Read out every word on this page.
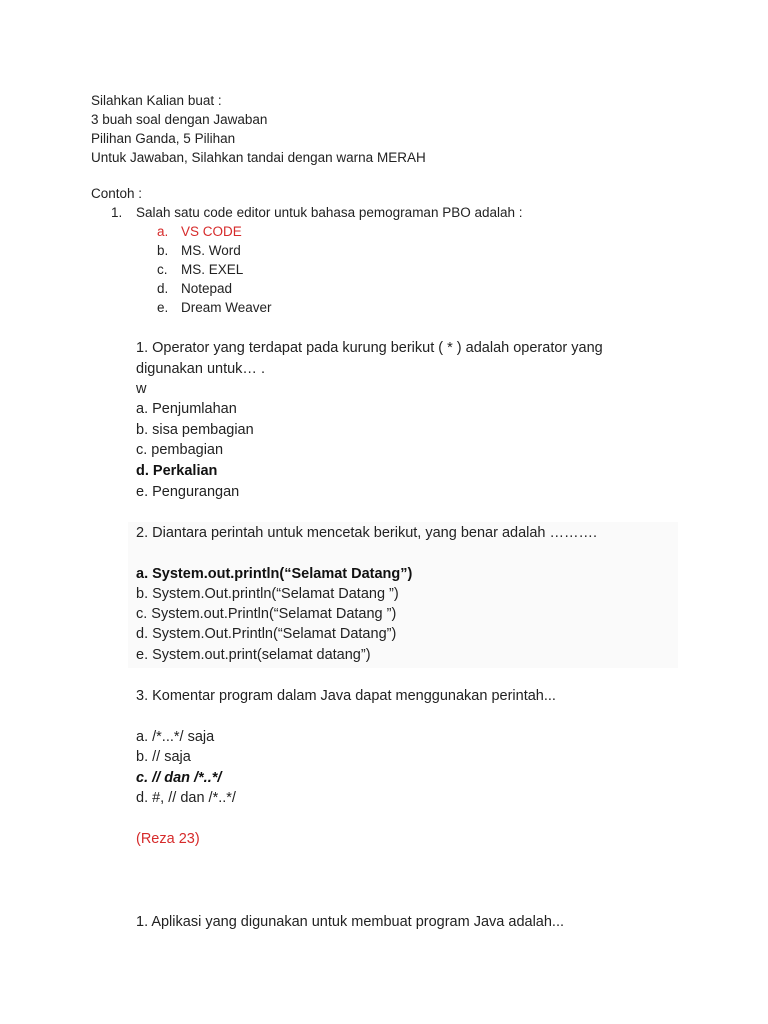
Silahkan Kalian buat :
3 buah soal dengan Jawaban
Pilihan Ganda, 5 Pilihan
Untuk Jawaban, Silahkan tandai dengan warna MERAH
Contoh :
1. Salah satu code editor untuk bahasa pemograman PBO adalah :
a. VS CODE
b. MS. Word
c. MS. EXEL
d. Notepad
e. Dream Weaver
1. Operator yang terdapat pada kurung berikut ( * ) adalah operator yang
digunakan untuk… .
w
a. Penjumlahan
b. sisa pembagian
c. pembagian
d. Perkalian
e. Pengurangan
2. Diantara perintah untuk mencetak berikut, yang benar adalah ……….
a. System.out.println(“Selamat Datang”)
b. System.Out.println(“Selamat Datang ”)
c. System.out.Println(“Selamat Datang ”)
d. System.Out.Println(“Selamat Datang”)
e. System.out.print(selamat datang”)
3. Komentar program dalam Java dapat menggunakan perintah...
a. /*...*/ saja
b. // saja
c. // dan /*..*/
d. #, // dan /*..*/
(Reza 23)
1. Aplikasi yang digunakan untuk membuat program Java adalah...
